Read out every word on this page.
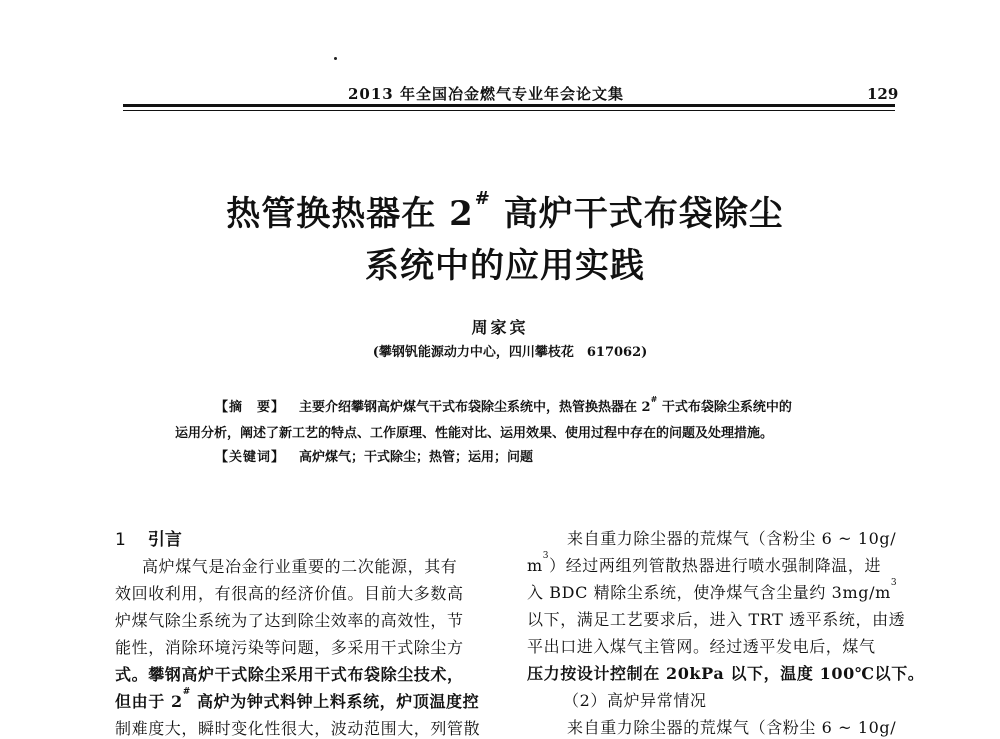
2013 年全国冶金燃气专业年会论文集	129
热管换热器在 2# 高炉干式布袋除尘
系统中的应用实践
周家宾
(攀钢钒能源动力中心，四川攀枝花　617062)
【摘　要】 主要介绍攀钢高炉煤气干式布袋除尘系统中，热管换热器在 2# 干式布袋除尘系统中的
运用分析，阐述了新工艺的特点、工作原理、性能对比、运用效果、使用过程中存在的问题及处理措施。
【关键词】 高炉煤气；干式除尘；热管；运用；问题
1 引言
高炉煤气是冶金行业重要的二次能源，其有
效回收利用，有很高的经济价值。目前大多数高
炉煤气除尘系统为了达到除尘效率的高效性，节
能性，消除环境污染等问题，多采用干式除尘方
式。攀钢高炉干式除尘采用干式布袋除尘技术，
但由于 2# 高炉为钟式料钟上料系统，炉顶温度控
制难度大，瞬时变化性很大，波动范围大，列管散
来自重力除尘器的荒煤气（含粉尘 6 ~ 10g/
$m^3$）经过两组列管散热器进行喷水强制降温，进
入 BDC 精除尘系统，使净煤气含尘量约 $3mg/m^3$
以下，满足工艺要求后，进入 TRT 透平系统，由透
平出口进入煤气主管网。经过透平发电后，煤气
压力按设计控制在 20kPa 以下，温度 100℃以下。
（2）高炉异常情况
来自重力除尘器的荒煤气（含粉尘 6 ~ 10g/
